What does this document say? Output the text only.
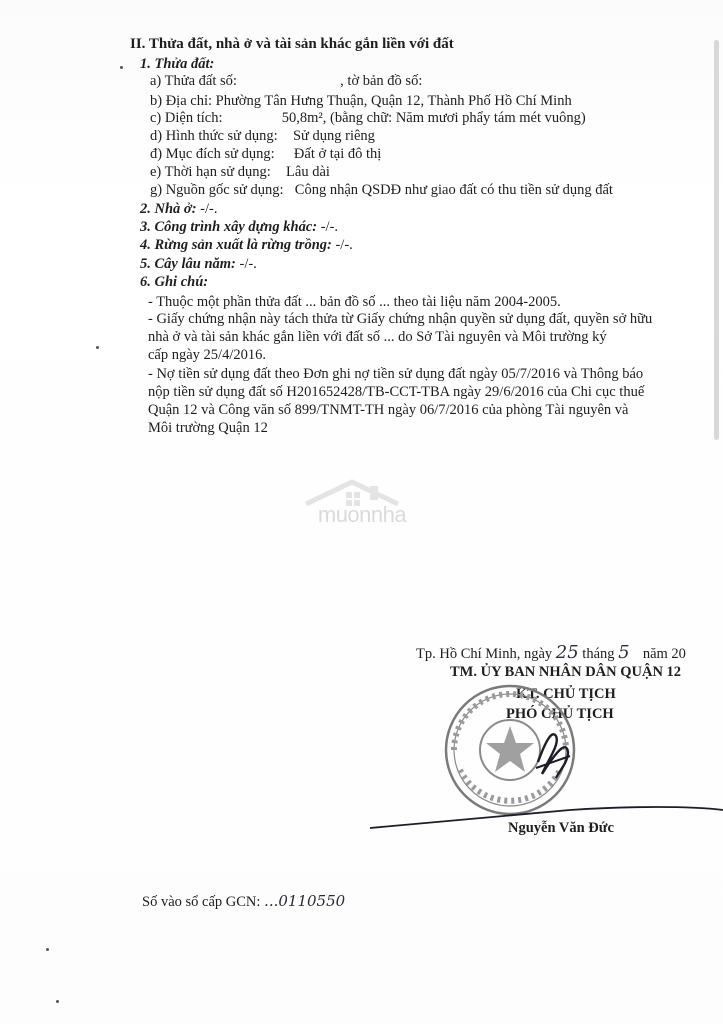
II. Thửa đất, nhà ở và tài sản khác gắn liền với đất
1. Thửa đất:
a) Thửa đất số:	, tờ bản đồ số:
b) Địa chỉ: Phường Tân Hưng Thuận, Quận 12, Thành Phố Hồ Chí Minh
c) Diện tích:	50,8m², (bằng chữ: Năm mươi phẩy tám mét vuông)
d) Hình thức sử dụng: Sử dụng riêng
đ) Mục đích sử dụng: Đất ở tại đô thị
e) Thời hạn sử dụng: Lâu dài
g) Nguồn gốc sử dụng: Công nhận QSDĐ như giao đất có thu tiền sử dụng đất
2. Nhà ở: -/-.
3. Công trình xây dựng khác: -/-.
4. Rừng sản xuất là rừng trồng: -/-.
5. Cây lâu năm: -/-.
6. Ghi chú:
- Thuộc một phần thửa đất ... bản đồ số ... theo tài liệu năm 2004-2005.
- Giấy chứng nhận này tách thửa từ Giấy chứng nhận quyền sử dụng đất, quyền sở hữu
nhà ở và tài sản khác gắn liền với đất số ... do Sở Tài nguyên và Môi trường ký
cấp ngày 25/4/2016.
- Nợ tiền sử dụng đất theo Đơn ghi nợ tiền sử dụng đất ngày 05/7/2016 và Thông báo
nộp tiền sử dụng đất số H201652428/TB-CCT-TBA ngày 29/6/2016 của Chi cục thuế
Quận 12 và Công văn số 899/TNMT-TH ngày 06/7/2016 của phòng Tài nguyên và
Môi trường Quận 12
muonnha
Tp. Hồ Chí Minh, ngày 25 tháng 5 năm 20
TM. ỦY BAN NHÂN DÂN QUẬN 12
KT. CHỦ TỊCH
PHÓ CHỦ TỊCH
Nguyễn Văn Đức
Số vào sổ cấp GCN: ...0110550
